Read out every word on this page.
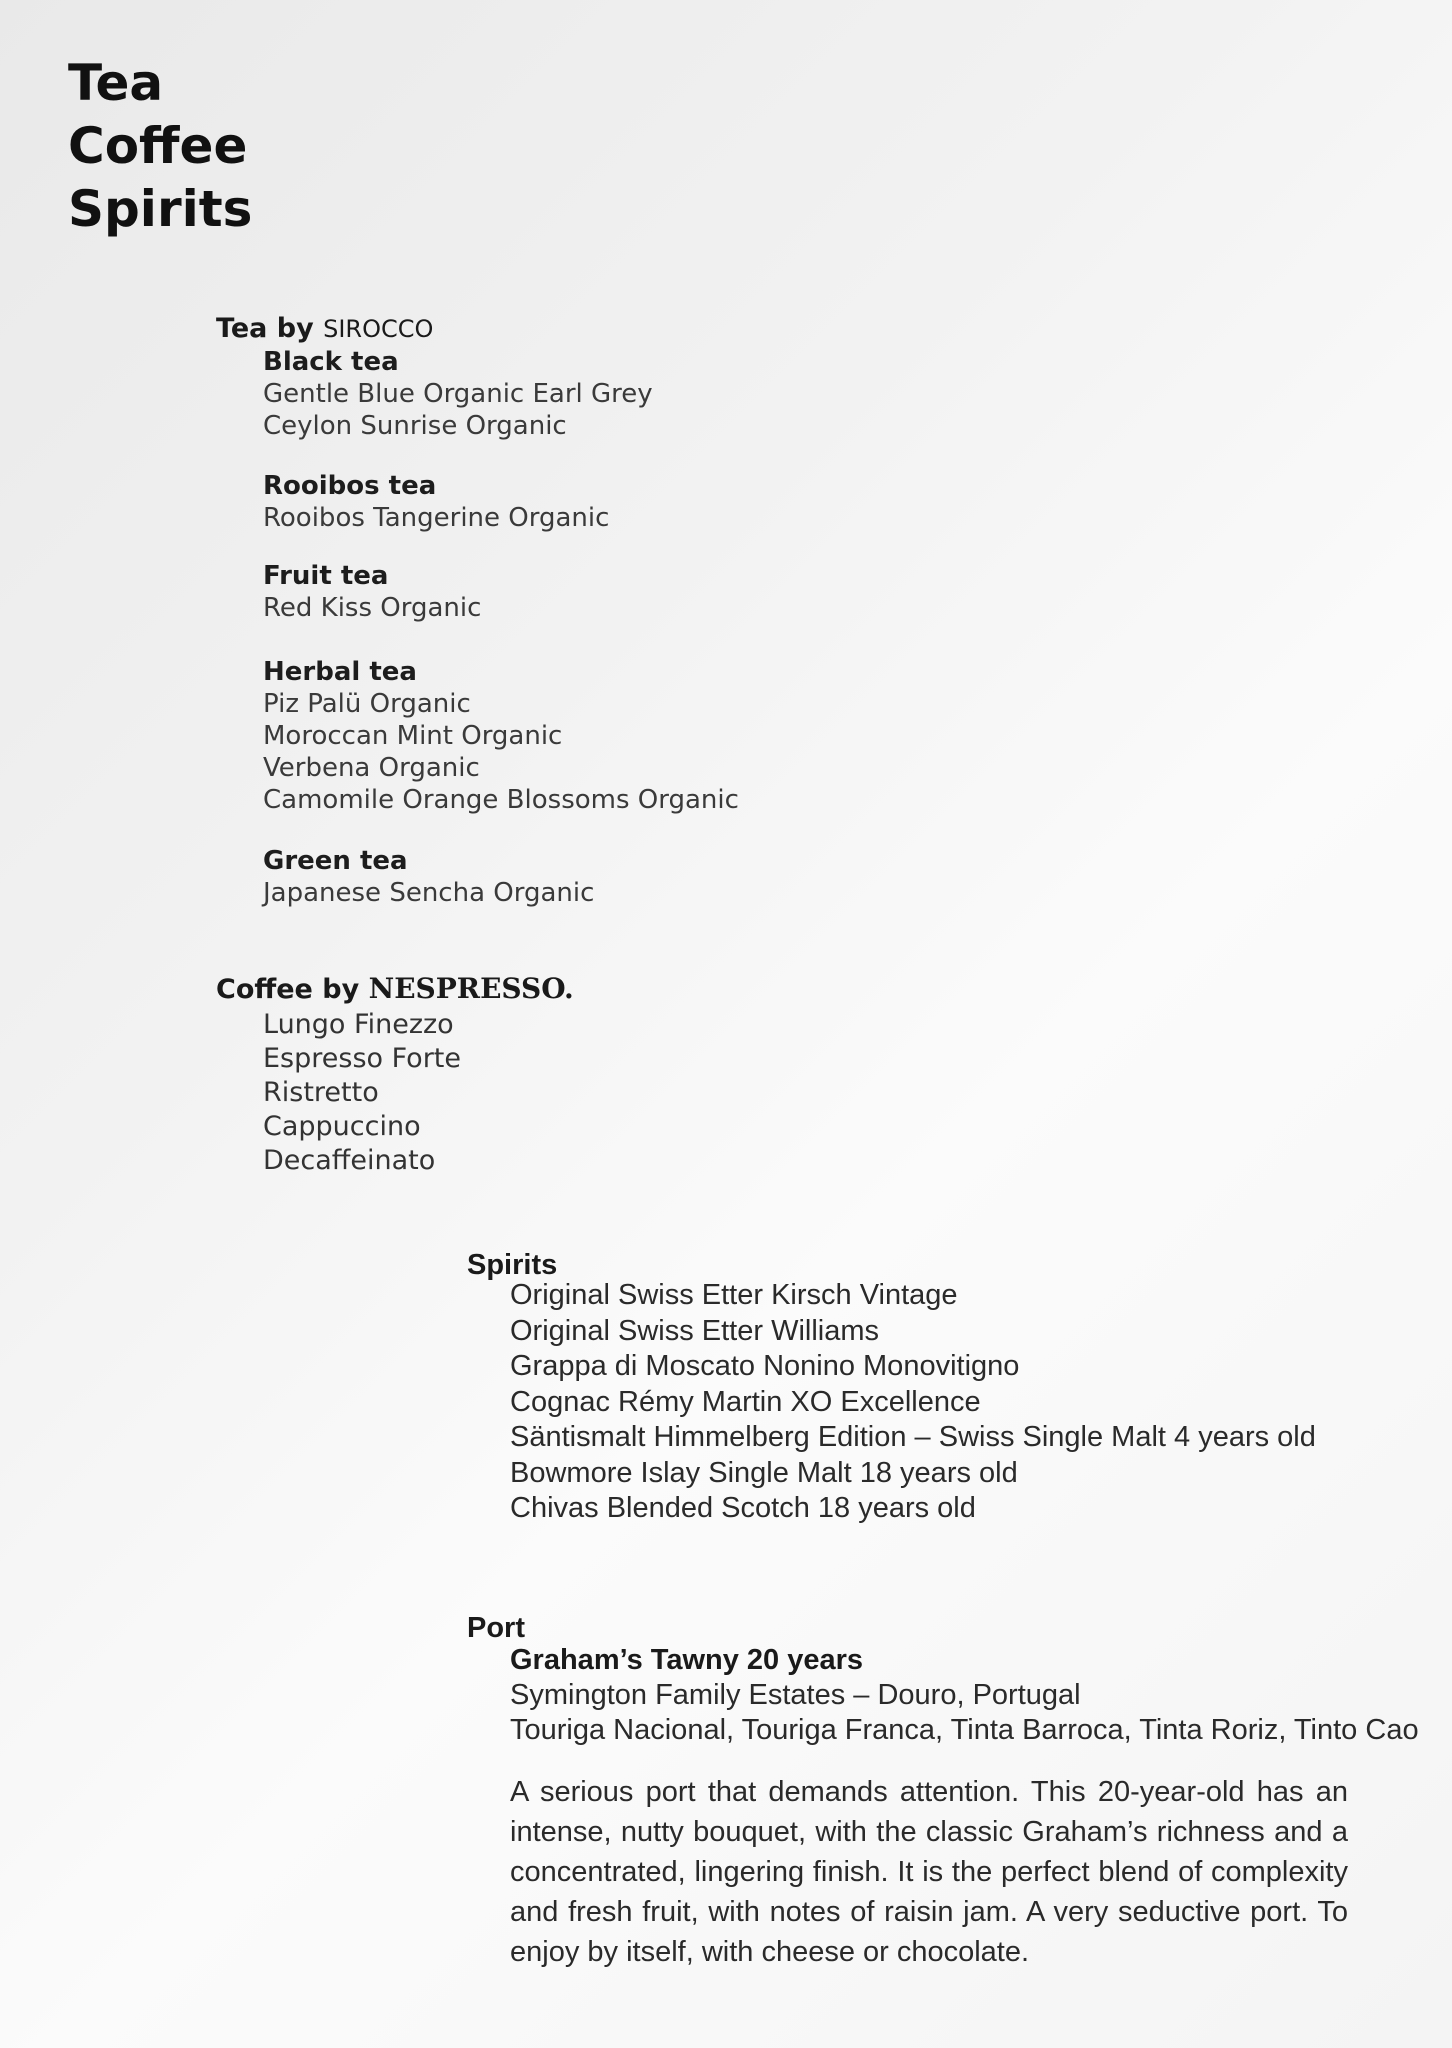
Tea
Coffee
Spirits
Tea by SIROCCO
Black tea
Gentle Blue Organic Earl Grey
Ceylon Sunrise Organic
Rooibos tea
Rooibos Tangerine Organic
Fruit tea
Red Kiss Organic
Herbal tea
Piz Palü Organic
Moroccan Mint Organic
Verbena Organic
Camomile Orange Blossoms Organic
Green tea
Japanese Sencha Organic
Coffee by NESPRESSO.
Lungo Finezzo
Espresso Forte
Ristretto
Cappuccino
Decaffeinato
Spirits
Original Swiss Etter Kirsch Vintage
Original Swiss Etter Williams
Grappa di Moscato Nonino Monovitigno
Cognac Rémy Martin XO Excellence
Säntismalt Himmelberg Edition – Swiss Single Malt 4 years old
Bowmore Islay Single Malt 18 years old
Chivas Blended Scotch 18 years old
Port
Graham’s Tawny 20 years
Symington Family Estates – Douro, Portugal
Touriga Nacional, Touriga Franca, Tinta Barroca, Tinta Roriz, Tinto Cao
A serious port that demands attention. This 20-year-old has an intense, nutty bouquet, with the classic Graham’s richness and a concentrated, lingering finish. It is the perfect blend of complexity and fresh fruit, with notes of raisin jam. A very seductive port. To enjoy by itself, with cheese or chocolate.
